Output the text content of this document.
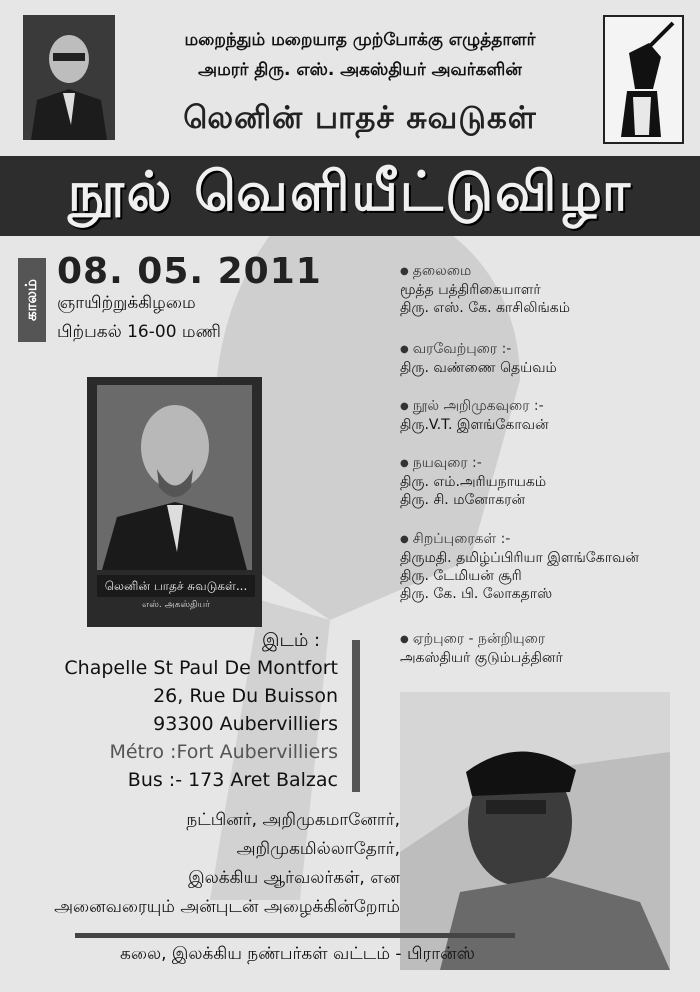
மறைந்தும் மறையாத முற்போக்கு எழுத்தாளர்
அமரர் திரு. எஸ். அகஸ்தியர் அவர்களின்
லெனின் பாதச் சுவடுகள்
நூல் வெளியீட்டுவிழா
காலம்
08. 05. 2011
ஞாயிற்றுக்கிழமை
பிற்பகல் 16-00 மணி
● தலைமை
மூத்த பத்திரிகையாளர்
திரு. எஸ். கே. காசிலிங்கம்
● வரவேற்புரை :-
திரு. வண்ணை தெய்வம்
● நூல் அறிமுகவுரை :-
திரு.V.T. இளங்கோவன்
● நயவுரை :-
திரு. எம்.அரியநாயகம்
திரு. சி. மனோகரன்
● சிறப்புரைகள் :-
திருமதி. தமிழ்ப்பிரியா இளங்கோவன்
திரு. டேமியன் சூரி
திரு. கே. பி. லோகதாஸ்
● ஏற்புரை - நன்றியுரை
அகஸ்தியர் குடும்பத்தினர்
லெனின் பாதச் சுவடுகள்...
எஸ். அகஸ்தியர்
இடம் :
Chapelle St Paul De Montfort
26, Rue Du Buisson
93300 Aubervilliers
Métro :Fort Aubervilliers
Bus :- 173 Aret Balzac
நட்பினர், அறிமுகமானோர்,
அறிமுகமில்லாதோர்,
இலக்கிய ஆர்வலர்கள், என
அனைவரையும் அன்புடன் அழைக்கின்றோம்
கலை, இலக்கிய நண்பர்கள் வட்டம் - பிரான்ஸ்
